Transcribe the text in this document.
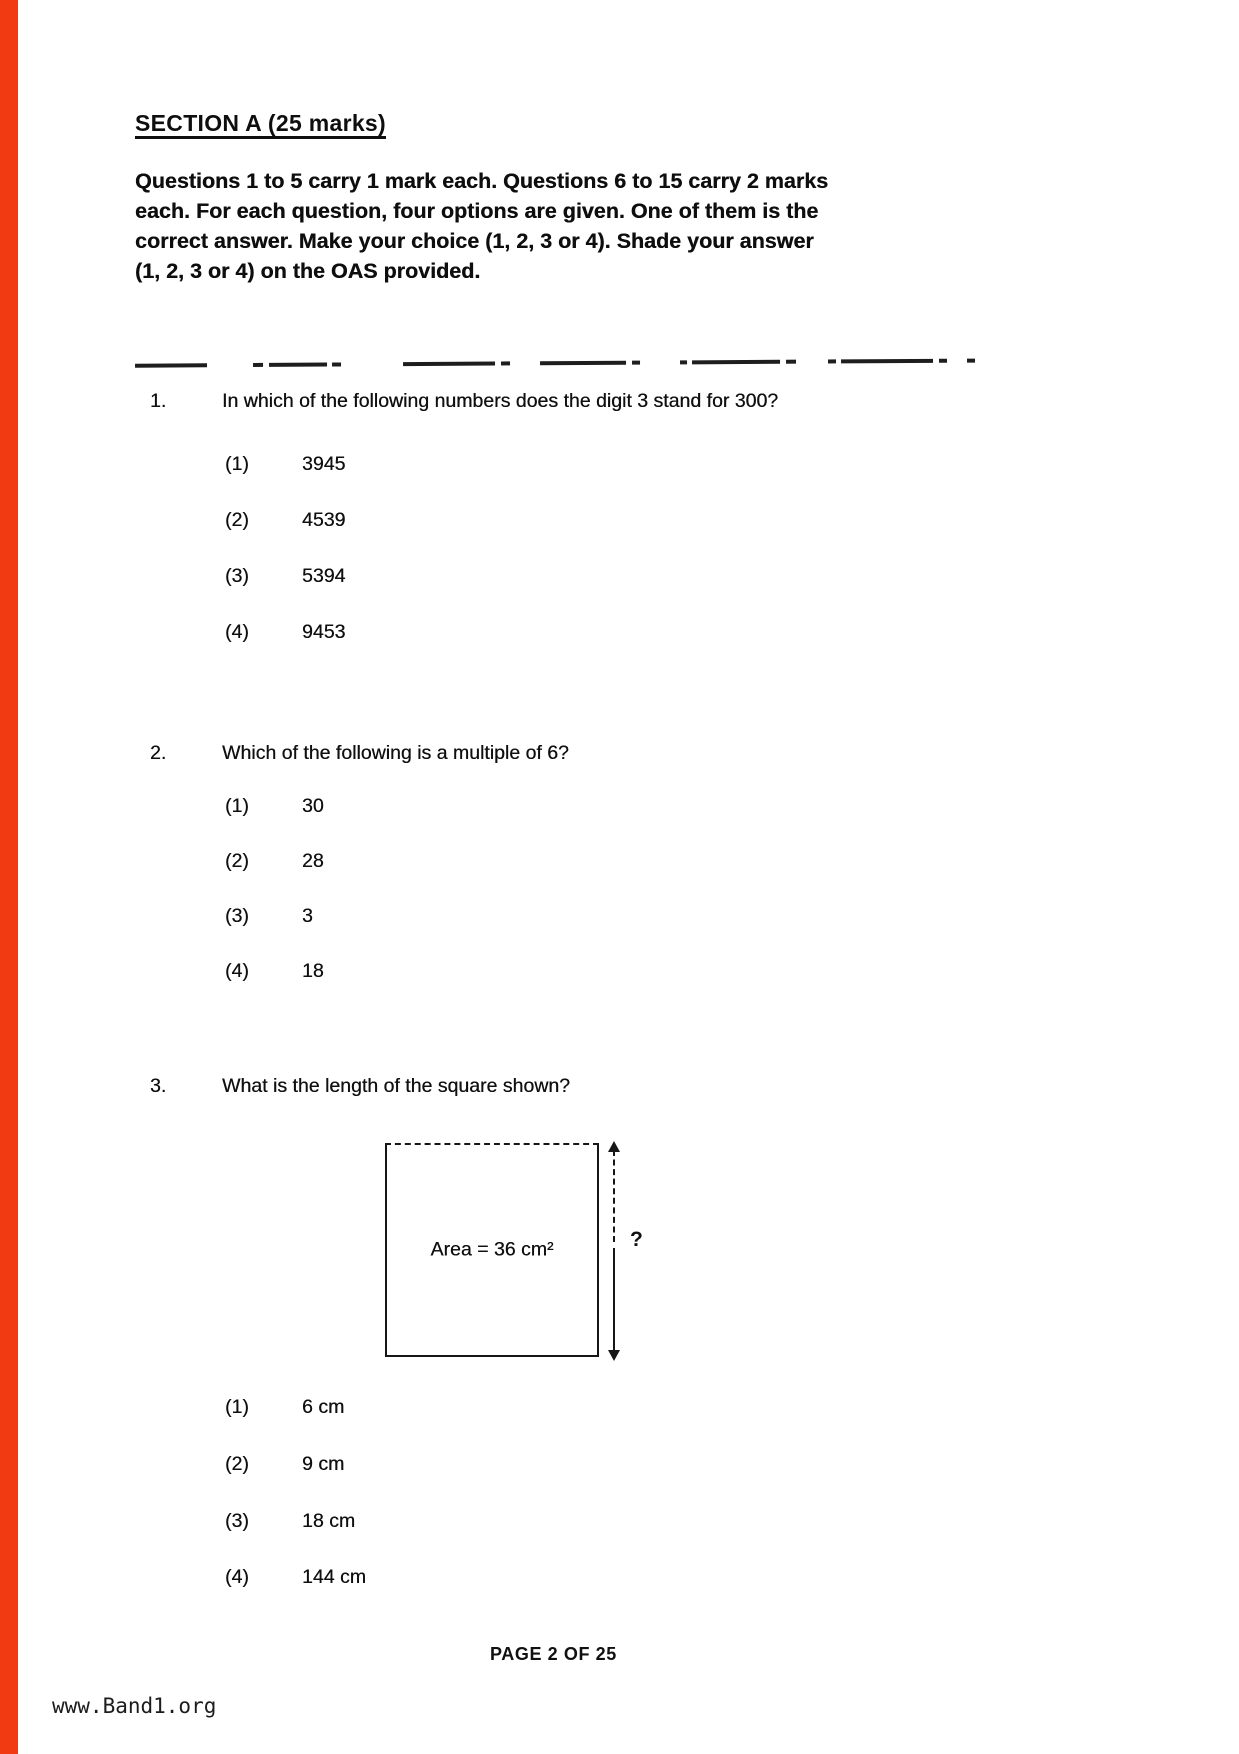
SECTION A (25 marks)
Questions 1 to 5 carry 1 mark each. Questions 6 to 15 carry 2 marks
each. For each question, four options are given. One of them is the
correct answer. Make your choice (1, 2, 3 or 4). Shade your answer
(1, 2, 3 or 4) on the OAS provided.
1.	In which of the following numbers does the digit 3 stand for 300?
(1)	3945
(2)	4539
(3)	5394
(4)	9453
2.	Which of the following is a multiple of 6?
(1)	30
(2)	28
(3)	3
(4)	18
3.	What is the length of the square shown?
Area = 36 cm²	?
(1)	6 cm
(2)	9 cm
(3)	18 cm
(4)	144 cm
PAGE 2 OF 25
www.Band1.org
